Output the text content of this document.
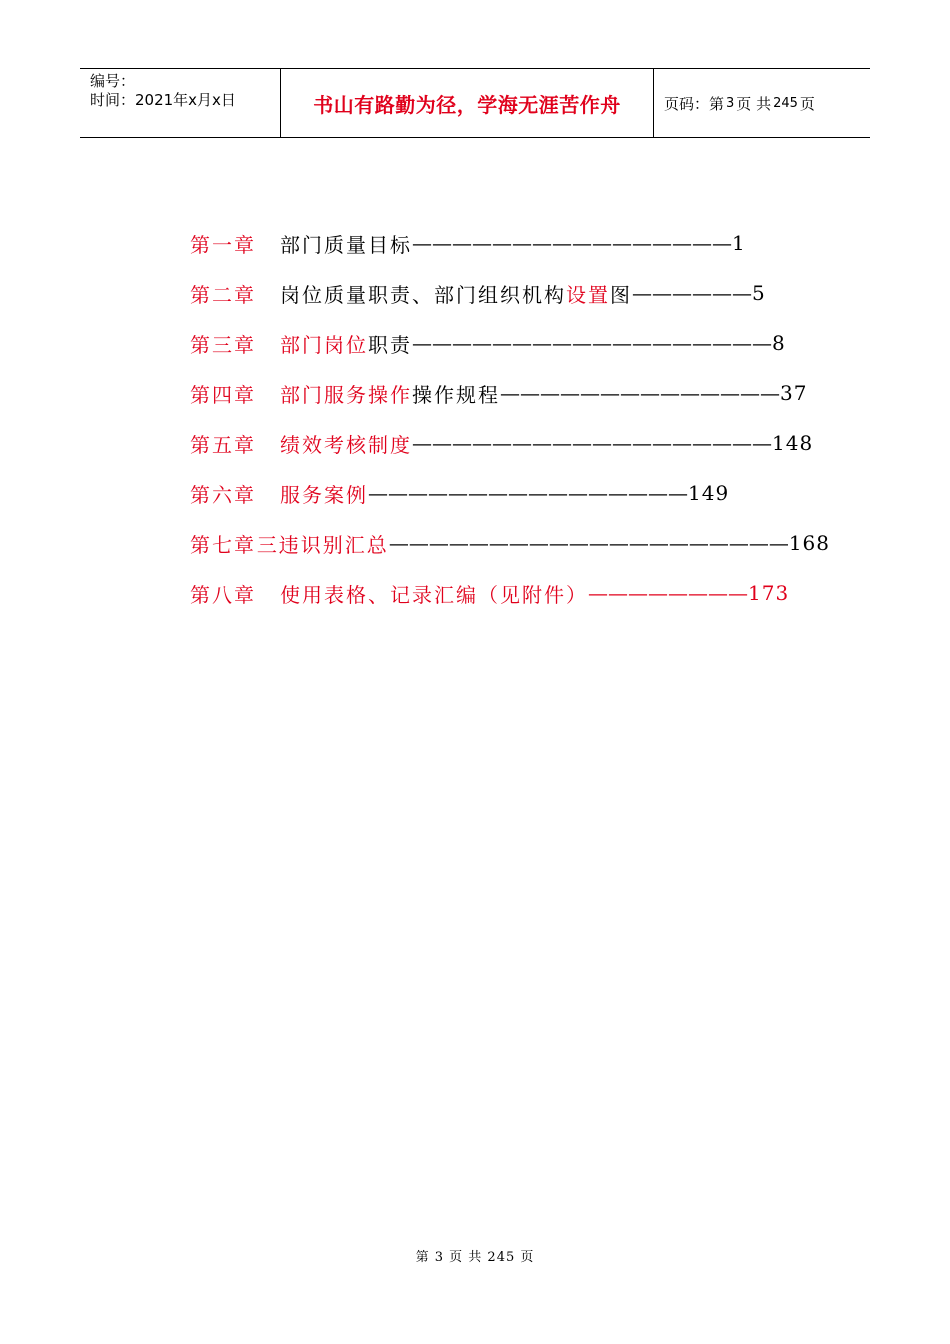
编号：
时间：2021年x月x日	书山有路勤为径，学海无涯苦作舟	页码：第 3 页 共 245 页
第一章	部门质量目标 ———————————————— 1
第二章	岗位质量职责、部门组织机构设置图 —————— 5
第三章	部门岗位职责 —————————————————— 8
第四章	部门服务操作操作规程 —————————————— 37
第五章	绩效考核制度 —————————————————— 148
第六章	服务案例 ———————————————— 149
第七章 三违识别汇总 ———————————————————— 168
第八章	使用表格、记录汇编（见附件） ———————— 173
第 3 页 共 245 页
